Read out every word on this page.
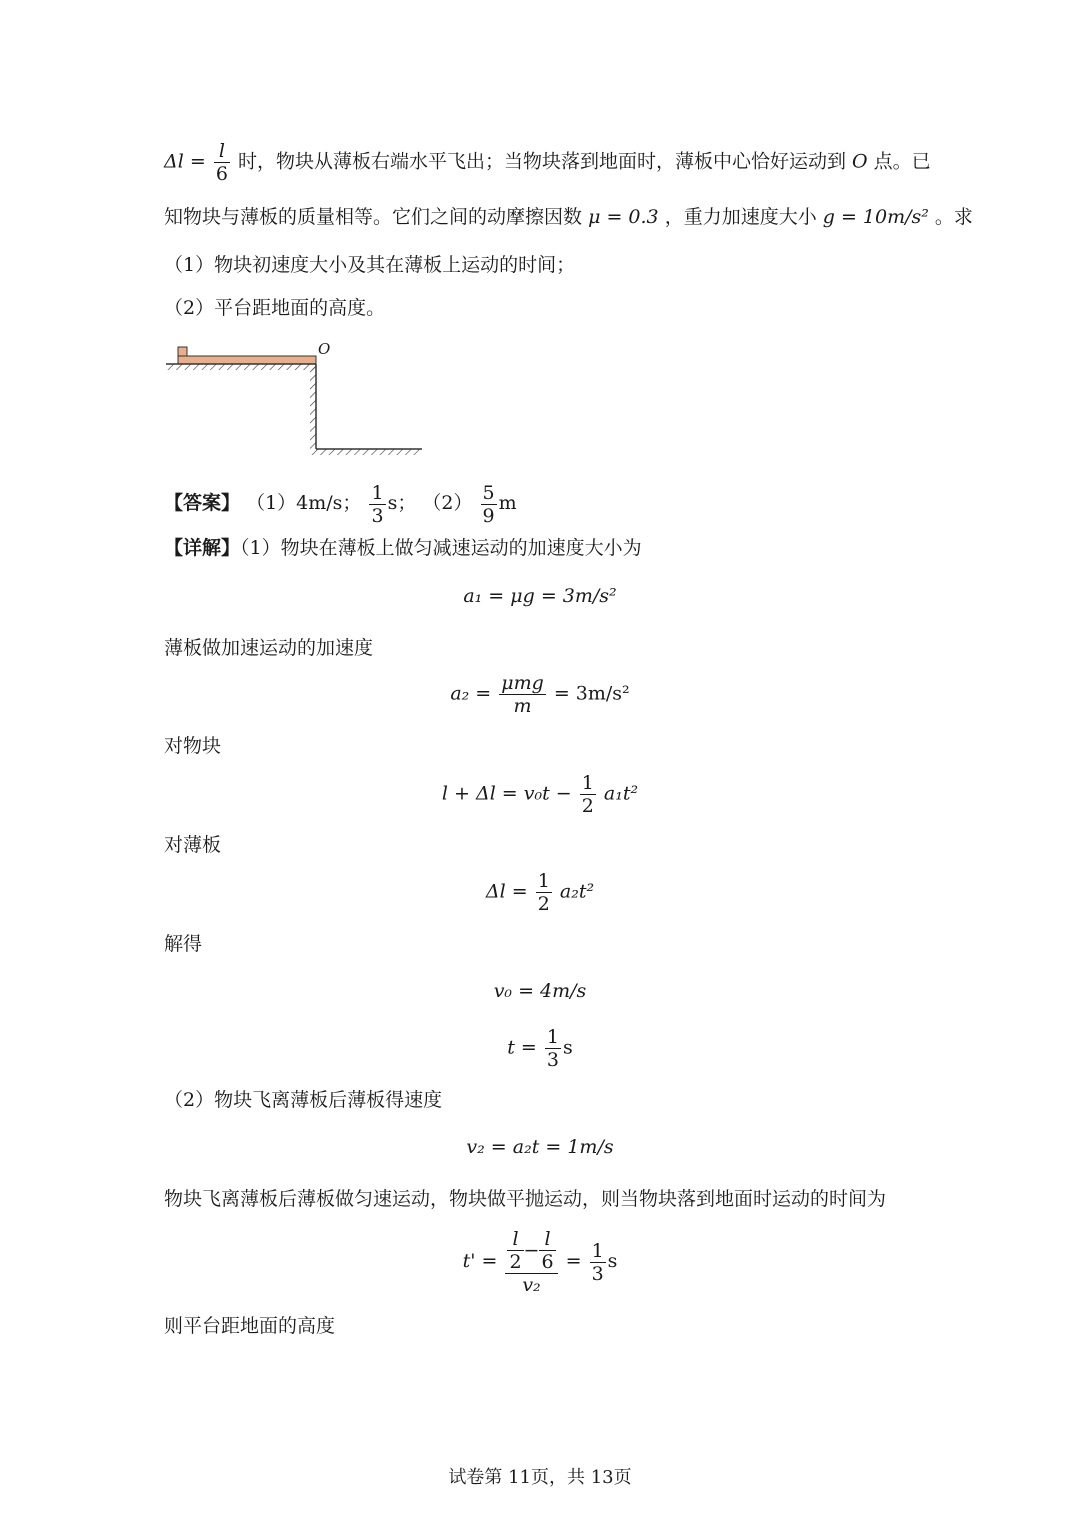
$\Delta l = \frac{l}{6}$ 时，物块从薄板右端水平飞出；当物块落到地面时，薄板中心恰好运动到 O 点。已
知物块与薄板的质量相等。它们之间的动摩擦因数 μ = 0.3 ，重力加速度大小 g = 10m/s² 。求
（1）物块初速度大小及其在薄板上运动的时间；
（2）平台距地面的高度。
O
【答案】 （1）4m/s； $\frac{1}{3}$ s； $(2) \frac{5}{9}$ m
【详解】（1）物块在薄板上做匀减速运动的加速度大小为
a₁ = μg = 3m/s²
薄板做加速运动的加速度
$a_2 = \frac{\text{μmg}}{m} = 3m/s^2$
对物块
$l + \Delta l = v_0t - \frac{1}{2} a_1t^2$
对薄板
$\Delta l = \frac{1}{2} a_2t^2$
解得
v₀ = 4m/s
$t = \frac{1}{3}$ s
（2）物块飞离薄板后薄板得速度
v₂ = a₂t = 1m/s
物块飞离薄板后薄板做匀速运动，物块做平抛运动，则当物块落到地面时运动的时间为
$t' = \frac{\frac{l}{2} - \frac{l}{6}}{\text{v₂}} = \frac{1}{3}$ s
则平台距地面的高度
试卷第 11页，共 13页
